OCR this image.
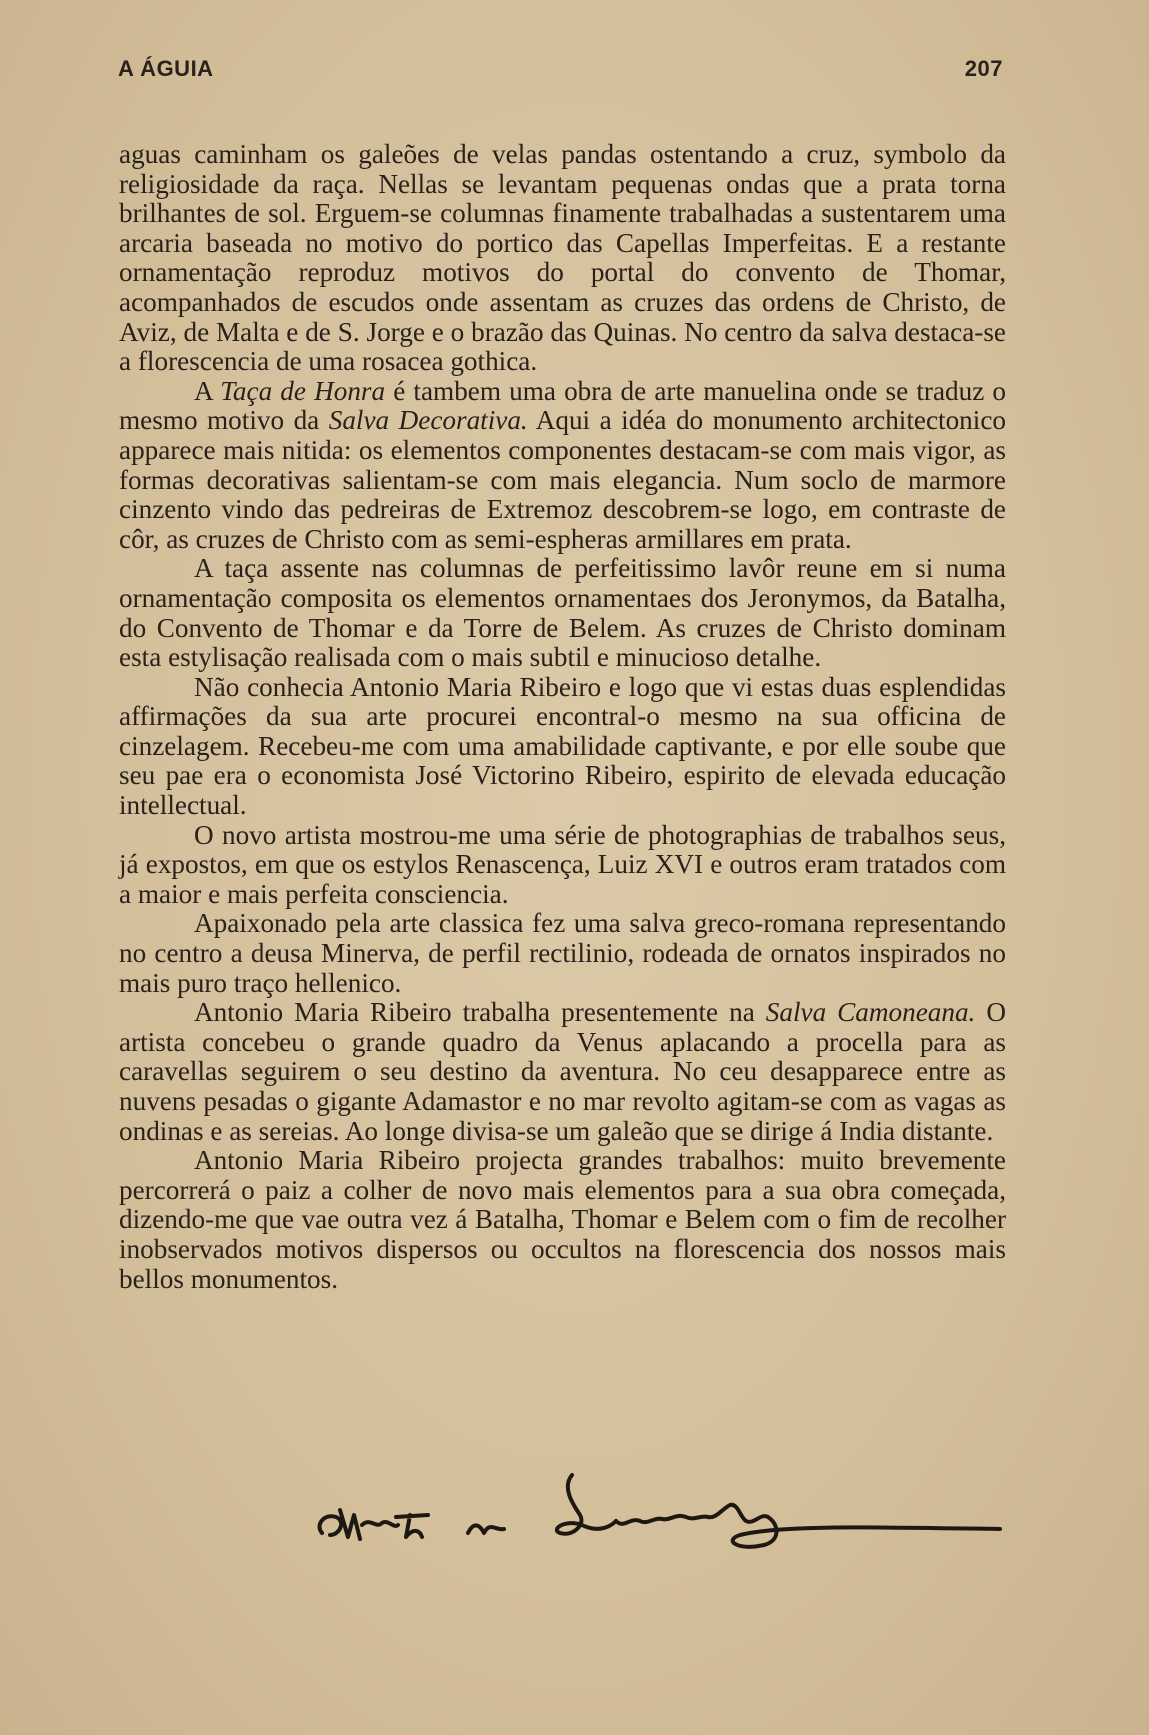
A ÁGUIA	207

aguas caminham os galeões de velas pandas ostentando a cruz, symbolo da religiosidade da raça. Nellas se levantam pequenas ondas que a prata torna brilhantes de sol. Erguem-se columnas finamente trabalhadas a sustentarem uma arcaria baseada no motivo do portico das Capellas Imperfeitas. E a restante ornamentação reproduz motivos do portal do convento de Thomar, acompanhados de escudos onde assentam as cruzes das ordens de Christo, de Aviz, de Malta e de S. Jorge e o brazão das Quinas. No centro da salva destaca-se a florescencia de uma rosacea gothica.

A Taça de Honra é tambem uma obra de arte manuelina onde se traduz o mesmo motivo da Salva Decorativa. Aqui a idéa do monumento architectonico apparece mais nitida: os elementos componentes destacam-se com mais vigor, as formas decorativas salientam-se com mais elegancia. Num soclo de marmore cinzento vindo das pedreiras de Extremoz descobrem-se logo, em contraste de côr, as cruzes de Christo com as semi-espheras armillares em prata.

A taça assente nas columnas de perfeitissimo lavôr reune em si numa ornamentação composita os elementos ornamentaes dos Jeronymos, da Batalha, do Convento de Thomar e da Torre de Belem. As cruzes de Christo dominam esta estylisação realisada com o mais subtil e minucioso detalhe.

Não conhecia Antonio Maria Ribeiro e logo que vi estas duas esplendidas affirmações da sua arte procurei encontral-o mesmo na sua officina de cinzelagem. Recebeu-me com uma amabilidade captivante, e por elle soube que seu pae era o economista José Victorino Ribeiro, espirito de elevada educação intellectual.

O novo artista mostrou-me uma série de photographias de trabalhos seus, já expostos, em que os estylos Renascença, Luiz XVI e outros eram tratados com a maior e mais perfeita consciencia.

Apaixonado pela arte classica fez uma salva greco-romana representando no centro a deusa Minerva, de perfil rectilinio, rodeada de ornatos inspirados no mais puro traço hellenico.

Antonio Maria Ribeiro trabalha presentemente na Salva Camoneana. O artista concebeu o grande quadro da Venus aplacando a procella para as caravellas seguirem o seu destino da aventura. No ceu desapparece entre as nuvens pesadas o gigante Adamastor e no mar revolto agitam-se com as vagas as ondinas e as sereias. Ao longe divisa-se um galeão que se dirige á India distante.

Antonio Maria Ribeiro projecta grandes trabalhos: muito brevemente percorrerá o paiz a colher de novo mais elementos para a sua obra começada, dizendo-me que vae outra vez á Batalha, Thomar e Belem com o fim de recolher inobservados motivos dispersos ou occultos na florescencia dos nossos mais bellos monumentos.
